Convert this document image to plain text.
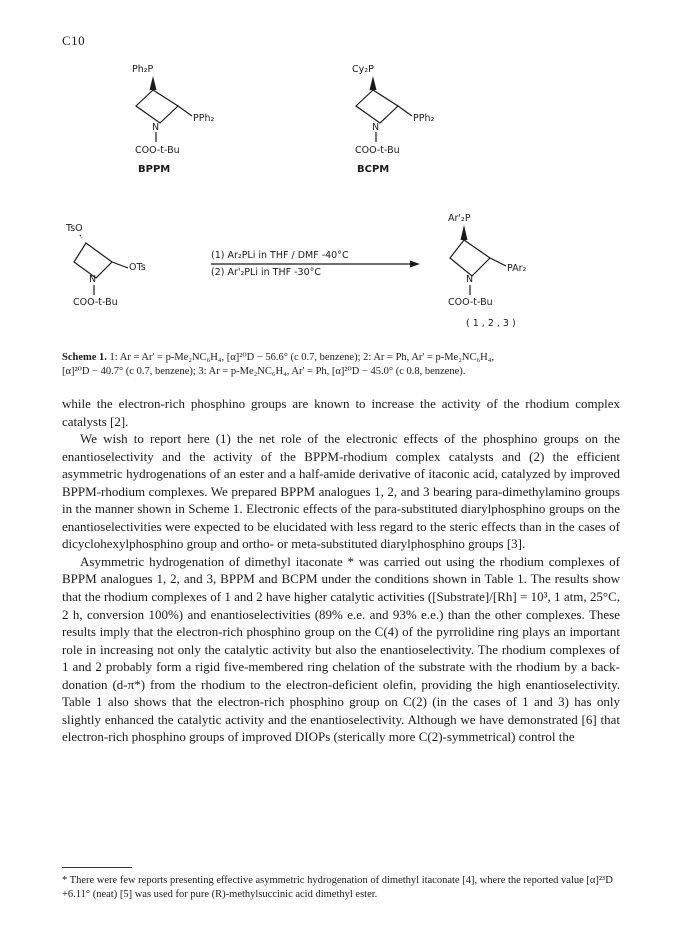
C10
Ph₂P
PPh₂
N
COO-t-Bu
BPPM
Cy₂P
PPh₂
N
COO-t-Bu
BCPM
TsO
OTs
N
COO-t-Bu
(1) Ar₂PLi in THF / DMF -40°C
(2) Ar'₂PLi in THF -30°C
Ar'₂P
PAr₂
N
COO-t-Bu
( 1 , 2 , 3 )
Scheme 1. 1: Ar = Ar' = p-Me₂NC₆H₄, [α]²⁰D − 56.6° (c 0.7, benzene); 2: Ar = Ph, Ar' = p-Me₂NC₆H₄,
[α]²⁰D − 40.7° (c 0.7, benzene); 3: Ar = p-Me₂NC₆H₄, Ar' = Ph, [α]²⁰D − 45.0° (c 0.8, benzene).

while the electron-rich phosphino groups are known to increase the activity of the rhodium complex catalysts [2].

We wish to report here (1) the net role of the electronic effects of the phosphino groups on the enantioselectivity and the activity of the BPPM-rhodium complex catalysts and (2) the efficient asymmetric hydrogenations of an ester and a half-amide derivative of itaconic acid, catalyzed by improved BPPM-rhodium complexes. We prepared BPPM analogues 1, 2, and 3 bearing para-dimethylamino groups in the manner shown in Scheme 1. Electronic effects of the para-substituted diarylphosphino groups on the enantioselectivities were expected to be elucidated with less regard to the steric effects than in the cases of dicyclohexylphosphino group and ortho- or meta-substituted diarylphosphino groups [3].

Asymmetric hydrogenation of dimethyl itaconate * was carried out using the rhodium complexes of BPPM analogues 1, 2, and 3, BPPM and BCPM under the conditions shown in Table 1. The results show that the rhodium complexes of 1 and 2 have higher catalytic activities ([Substrate]/[Rh] = 10³, 1 atm, 25°C, 2 h, conversion 100%) and enantioselectivities (89% e.e. and 93% e.e.) than the other complexes. These results imply that the electron-rich phosphino group on the C(4) of the pyrrolidine ring plays an important role in increasing not only the catalytic activity but also the enantioselectivity. The rhodium complexes of 1 and 2 probably form a rigid five-membered ring chelation of the substrate with the rhodium by a back-donation (d-π*) from the rhodium to the electron-deficient olefin, providing the high enantioselectivity. Table 1 also shows that the electron-rich phosphino group on C(2) (in the cases of 1 and 3) has only slightly enhanced the catalytic activity and the enantioselectivity. Although we have demonstrated [6] that electron-rich phosphino groups of improved DIOPs (sterically more C(2)-symmetrical) control the

* There were few reports presenting effective asymmetric hydrogenation of dimethyl itaconate [4], where the reported value [α]²³D +6.11° (neat) [5] was used for pure (R)-methylsuccinic acid dimethyl ester.
